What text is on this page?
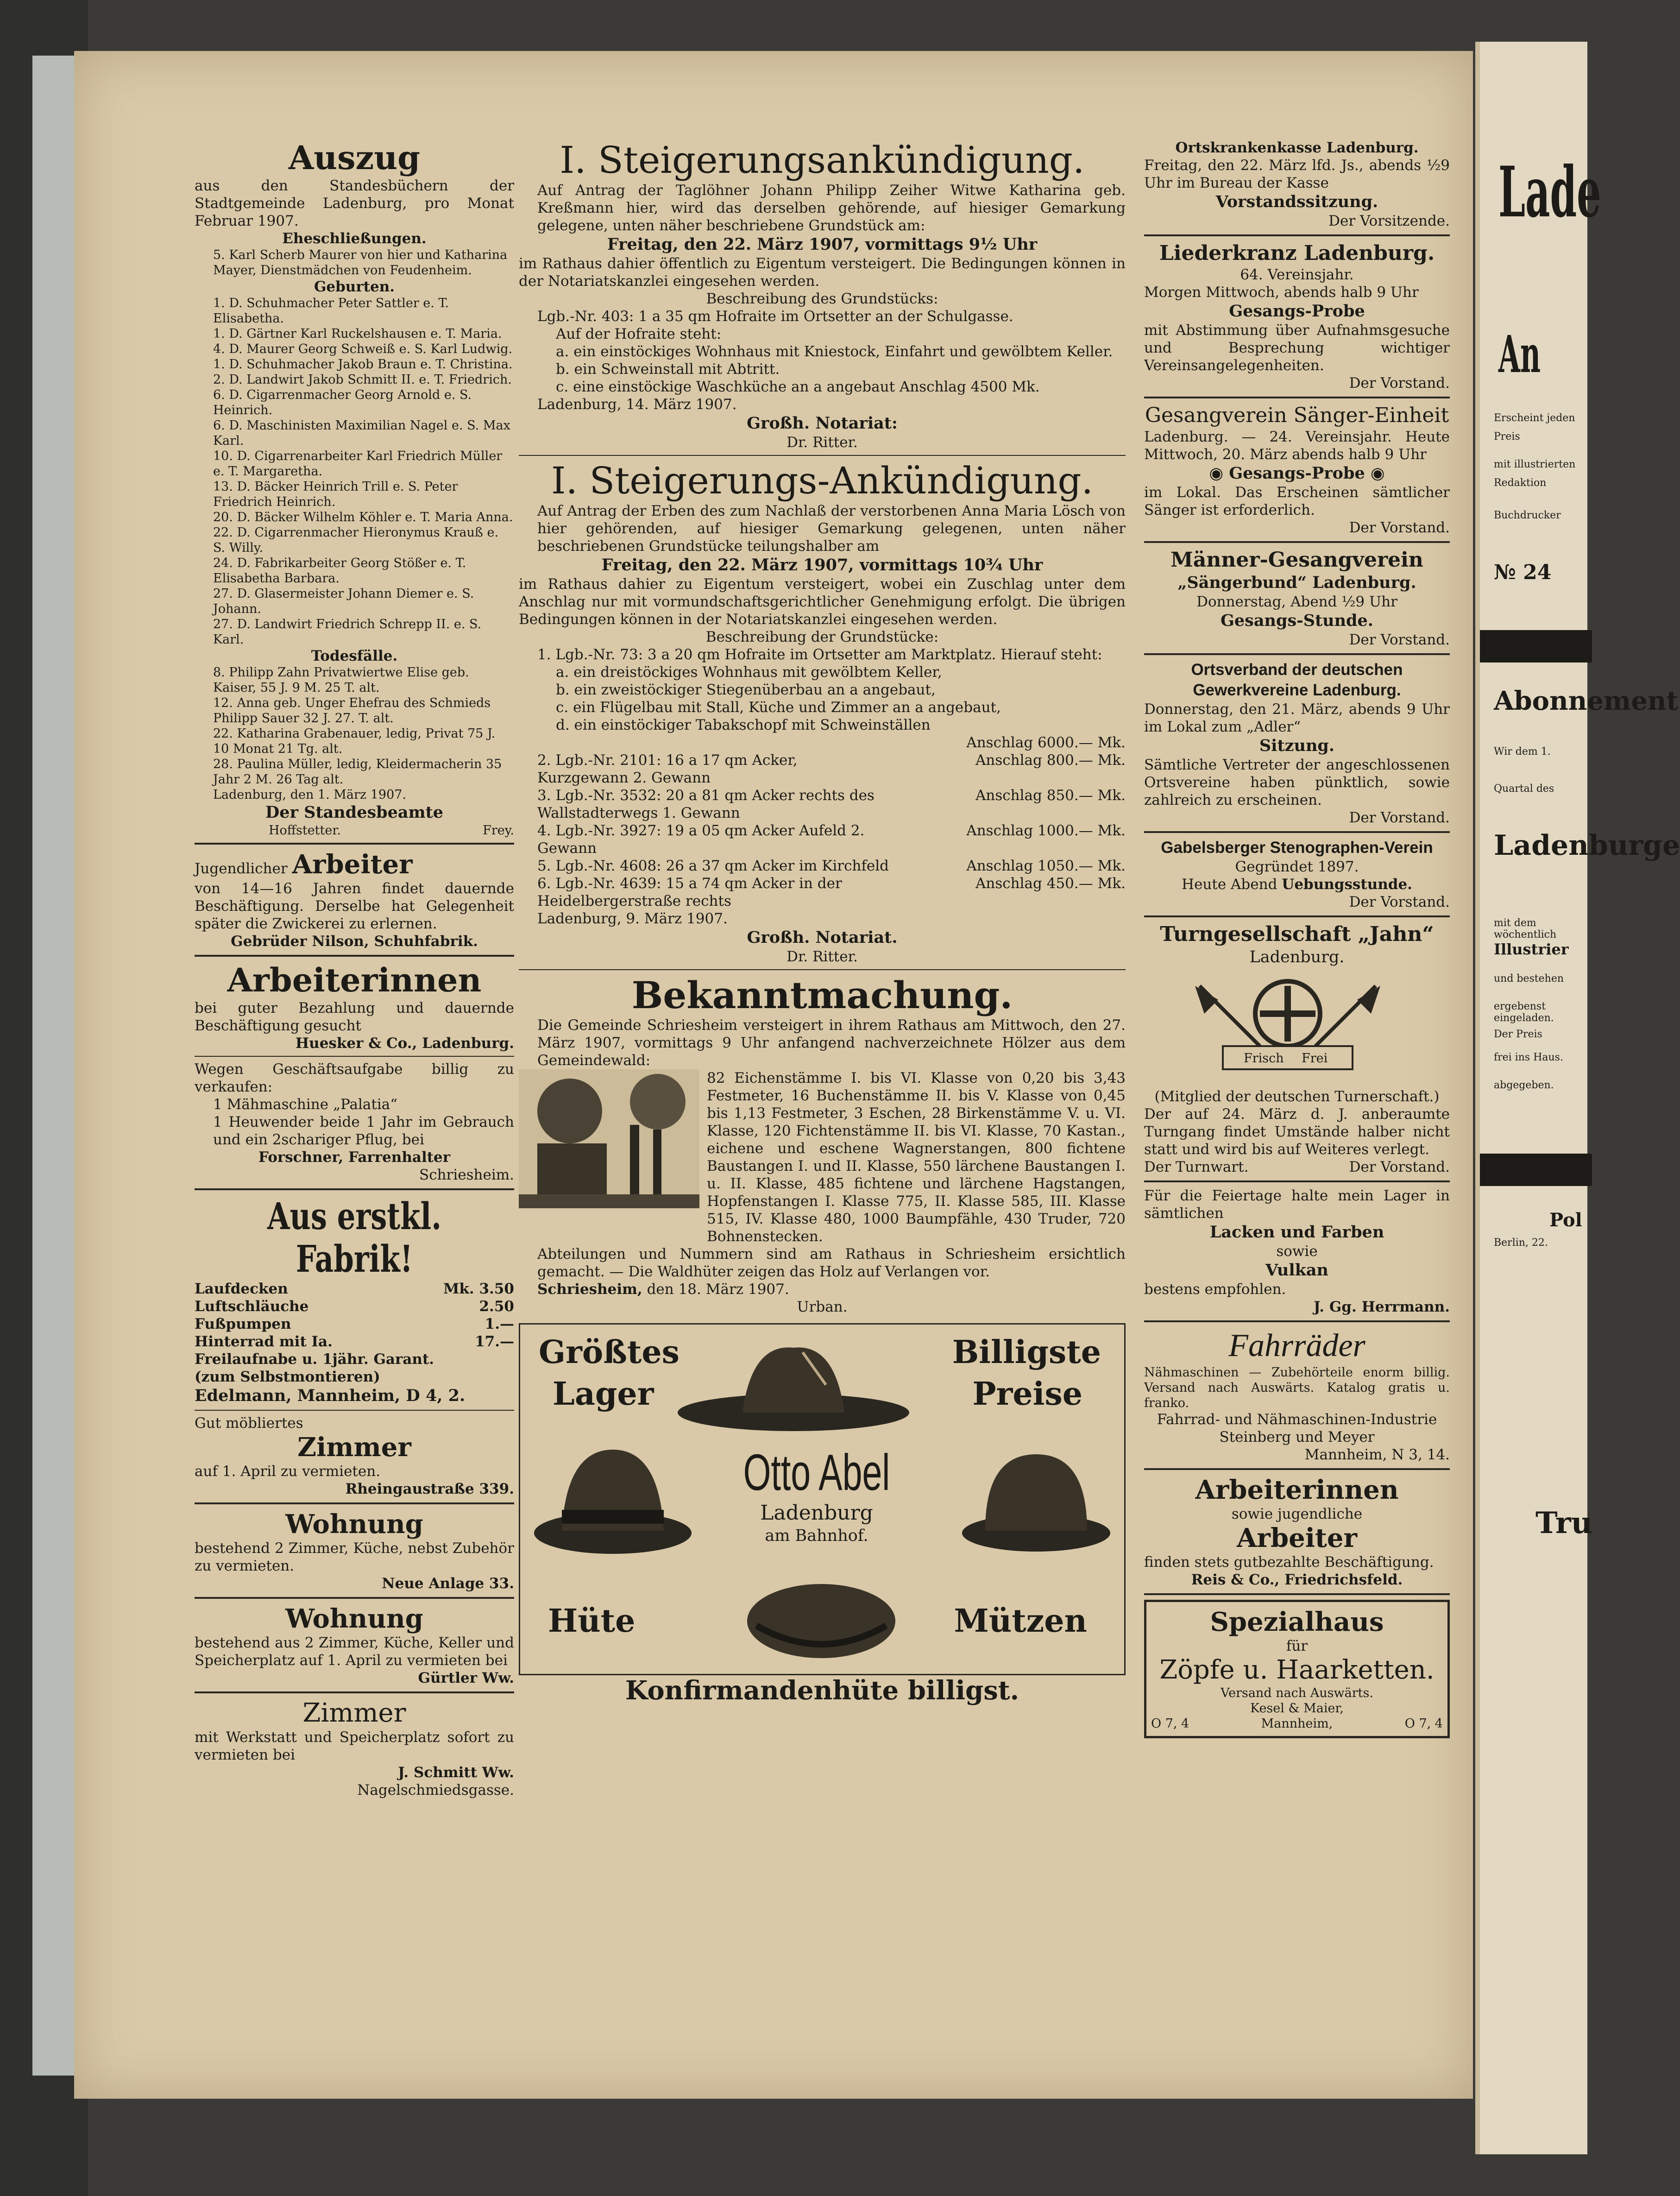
Lade
An
Erscheint jeden
Preis
mit illustrierten
Redaktion
Buchdrucker
№ 24
Abonnement
Wir dem 1.
Quartal des
Ladenburge
mit dem wöchentlich
Illustrier
und bestehen
ergebenst eingeladen.
Der Preis
frei ins Haus.
abgegeben.
Pol
Berlin, 22.
Tru
Auszug
aus den Standesbüchern der Stadtgemeinde Ladenburg, pro Monat Februar 1907.
Eheschließungen.
5. Karl Scherb Maurer von hier und Katharina Mayer, Dienstmädchen von Feudenheim.
Geburten.
1. D. Schuhmacher Peter Sattler e. T. Elisabetha.
1. D. Gärtner Karl Ruckelshausen e. T. Maria.
4. D. Maurer Georg Schweiß e. S. Karl Ludwig.
1. D. Schuhmacher Jakob Braun e. T. Christina.
2. D. Landwirt Jakob Schmitt II. e. T. Friedrich.
6. D. Cigarrenmacher Georg Arnold e. S. Heinrich.
6. D. Maschinisten Maximilian Nagel e. S. Max Karl.
10. D. Cigarrenarbeiter Karl Friedrich Müller e. T. Margaretha.
13. D. Bäcker Heinrich Trill e. S. Peter Friedrich Heinrich.
20. D. Bäcker Wilhelm Köhler e. T. Maria Anna.
22. D. Cigarrenmacher Hieronymus Krauß e. S. Willy.
24. D. Fabrikarbeiter Georg Stößer e. T. Elisabetha Barbara.
27. D. Glasermeister Johann Diemer e. S. Johann.
27. D. Landwirt Friedrich Schrepp II. e. S. Karl.
Todesfälle.
8. Philipp Zahn Privatwiertwe Elise geb. Kaiser, 55 J. 9 M. 25 T. alt.
12. Anna geb. Unger Ehefrau des Schmieds Philipp Sauer 32 J. 27. T. alt.
22. Katharina Grabenauer, ledig, Privat 75 J. 10 Monat 21 Tg. alt.
28. Paulina Müller, ledig, Kleidermacherin 35 Jahr 2 M. 26 Tag alt.
Ladenburg, den 1. März 1907.
Der Standesbeamte
Hoffstetter.	Frey.
Jugendlicher Arbeiter
von 14—16 Jahren findet dauernde Beschäftigung. Derselbe hat Gelegenheit später die Zwickerei zu erlernen.
Gebrüder Nilson, Schuhfabrik.
Arbeiterinnen
bei guter Bezahlung und dauernde Beschäftigung gesucht
Huesker & Co., Ladenburg.
Wegen Geschäftsaufgabe billig zu verkaufen:
1 Mähmaschine „Palatia“
1 Heuwender beide 1 Jahr im Gebrauch und ein 2schariger Pflug, bei
Forschner, Farrenhalter
Schriesheim.
Aus erstkl. Fabrik!
Laufdecken	Mk. 3.50
Luftschläuche	2.50
Fußpumpen	1.—
Hinterrad mit Ia. Freilaufnabe u. 1jähr. Garant. (zum Selbstmontieren)
17.—
Edelmann, Mannheim, D 4, 2.
Gut möbliertes
Zimmer
auf 1. April zu vermieten.
Rheingaustraße 339.
Wohnung
bestehend 2 Zimmer, Küche, nebst Zubehör zu vermieten.
Neue Anlage 33.
Wohnung
bestehend aus 2 Zimmer, Küche, Keller und Speicherplatz auf 1. April zu vermieten bei
Gürtler Ww.
Zimmer
mit Werkstatt und Speicherplatz sofort zu vermieten bei
J. Schmitt Ww.
Nagelschmiedsgasse.
I. Steigerungsankündigung.
Auf Antrag der Taglöhner Johann Philipp Zeiher Witwe Katharina geb. Kreßmann hier, wird das derselben gehörende, auf hiesiger Gemarkung gelegene, unten näher beschriebene Grundstück am:
Freitag, den 22. März 1907, vormittags 9½ Uhr
im Rathaus dahier öffentlich zu Eigentum versteigert. Die Bedingungen können in der Notariatskanzlei eingesehen werden.
Beschreibung des Grundstücks:
Lgb.-Nr. 403: 1 a 35 qm Hofraite im Ortsetter an der Schulgasse.
Auf der Hofraite steht:
a. ein einstöckiges Wohnhaus mit Kniestock, Einfahrt und gewölbtem Keller.
b. ein Schweinstall mit Abtritt.
c. eine einstöckige Waschküche an a angebaut Anschlag 4500 Mk.
Ladenburg, 14. März 1907.
Großh. Notariat:
Dr. Ritter.
I. Steigerungs-Ankündigung.
Auf Antrag der Erben des zum Nachlaß der verstorbenen Anna Maria Lösch von hier gehörenden, auf hiesiger Gemarkung gelegenen, unten näher beschriebenen Grundstücke teilungshalber am
Freitag, den 22. März 1907, vormittags 10¾ Uhr
im Rathaus dahier zu Eigentum versteigert, wobei ein Zuschlag unter dem Anschlag nur mit vormundschaftsgerichtlicher Genehmigung erfolgt. Die übrigen Bedingungen können in der Notariatskanzlei eingesehen werden.
Beschreibung der Grundstücke:
1. Lgb.-Nr. 73: 3 a 20 qm Hofraite im Ortsetter am Marktplatz. Hierauf steht:
a. ein dreistöckiges Wohnhaus mit gewölbtem Keller,
b. ein zweistöckiger Stiegenüberbau an a angebaut,
c. ein Flügelbau mit Stall, Küche und Zimmer an a angebaut,
d. ein einstöckiger Tabakschopf mit Schweinställen
Anschlag 6000.— Mk.
2. Lgb.-Nr. 2101: 16 a 17 qm Acker, Kurzgewann 2. Gewann
Anschlag 800.— Mk.
3. Lgb.-Nr. 3532: 20 a 81 qm Acker rechts des Wallstadterwegs 1. Gewann
Anschlag 850.— Mk.
4. Lgb.-Nr. 3927: 19 a 05 qm Acker Aufeld 2. Gewann
Anschlag 1000.— Mk.
5. Lgb.-Nr. 4608: 26 a 37 qm Acker im Kirchfeld	Anschlag 1050.— Mk.
6. Lgb.-Nr. 4639: 15 a 74 qm Acker in der Heidelbergerstraße rechts
Anschlag 450.— Mk.
Ladenburg, 9. März 1907.
Großh. Notariat.
Dr. Ritter.
Bekanntmachung.
Die Gemeinde Schriesheim versteigert in ihrem Rathaus am Mittwoch, den 27. März 1907, vormittags 9 Uhr anfangend nachverzeichnete Hölzer aus dem Gemeindewald:
82 Eichenstämme I. bis VI. Klasse von 0,20 bis 3,43 Festmeter, 16 Buchenstämme II. bis V. Klasse von 0,45 bis 1,13 Festmeter, 3 Eschen, 28 Birkenstämme V. u. VI. Klasse, 120 Fichtenstämme II. bis VI. Klasse, 70 Kastan., eichene und eschene Wagnerstangen, 800 fichtene Baustangen I. und II. Klasse, 550 lärchene Baustangen I. u. II. Klasse, 485 fichtene und lärchene Hagstangen, Hopfenstangen I. Klasse 775, II. Klasse 585, III. Klasse 515, IV. Klasse 480, 1000 Baumpfähle, 430 Truder, 720 Bohnenstecken.
Abteilungen und Nummern sind am Rathaus in Schriesheim ersichtlich gemacht. — Die Waldhüter zeigen das Holz auf Verlangen vor.
Schriesheim, den 18. März 1907.
Urban.
Größtes
Lager
Billigste
Preise
Otto Abel
Ladenburg
am Bahnhof.
Hüte	Mützen
Konfirmandenhüte billigst.
Ortskrankenkasse Ladenburg.
Freitag, den 22. März lfd. Js., abends ½9 Uhr im Bureau der Kasse
Vorstandssitzung.
Der Vorsitzende.
Liederkranz Ladenburg.
64. Vereinsjahr.
Morgen Mittwoch, abends halb 9 Uhr
Gesangs-Probe
mit Abstimmung über Aufnahmsgesuche und Besprechung wichtiger Vereinsangelegenheiten.
Der Vorstand.
Gesangverein Sänger-Einheit
Ladenburg. — 24. Vereinsjahr. Heute Mittwoch, 20. März abends halb 9 Uhr
◉ Gesangs-Probe ◉
im Lokal. Das Erscheinen sämtlicher Sänger ist erforderlich.
Der Vorstand.
Männer-Gesangverein
„Sängerbund“ Ladenburg.
Donnerstag, Abend ½9 Uhr
Gesangs-Stunde.
Der Vorstand.
Ortsverband der deutschen Gewerkvereine Ladenburg.
Donnerstag, den 21. März, abends 9 Uhr im Lokal zum „Adler“
Sitzung.
Sämtliche Vertreter der angeschlossenen Ortsvereine haben pünktlich, sowie zahlreich zu erscheinen.
Der Vorstand.
Gabelsberger Stenographen-Verein
Gegründet 1897.
Heute Abend Uebungsstunde.
Der Vorstand.
Turngesellschaft „Jahn“
Ladenburg.
Frisch Frei
(Mitglied der deutschen Turnerschaft.)
Der auf 24. März d. J. anberaumte Turngang findet Umstände halber nicht statt und wird bis auf Weiteres verlegt.
Der Turnwart.	Der Vorstand.
Für die Feiertage halte mein Lager in sämtlichen
Lacken und Farben
sowie
Vulkan
bestens empfohlen.
J. Gg. Herrmann.
Fahrräder
Nähmaschinen — Zubehörteile enorm billig. Versand nach Auswärts. Katalog gratis u. franko.
Fahrrad- und Nähmaschinen-Industrie Steinberg und Meyer
Mannheim, N 3, 14.
Arbeiterinnen
sowie jugendliche
Arbeiter
finden stets gutbezahlte Beschäftigung.
Reis & Co., Friedrichsfeld.
Spezialhaus
für
Zöpfe u. Haarketten.
Versand nach Auswärts.
Kesel & Maier,
O 7, 4	Mannheim,	O 7, 4
